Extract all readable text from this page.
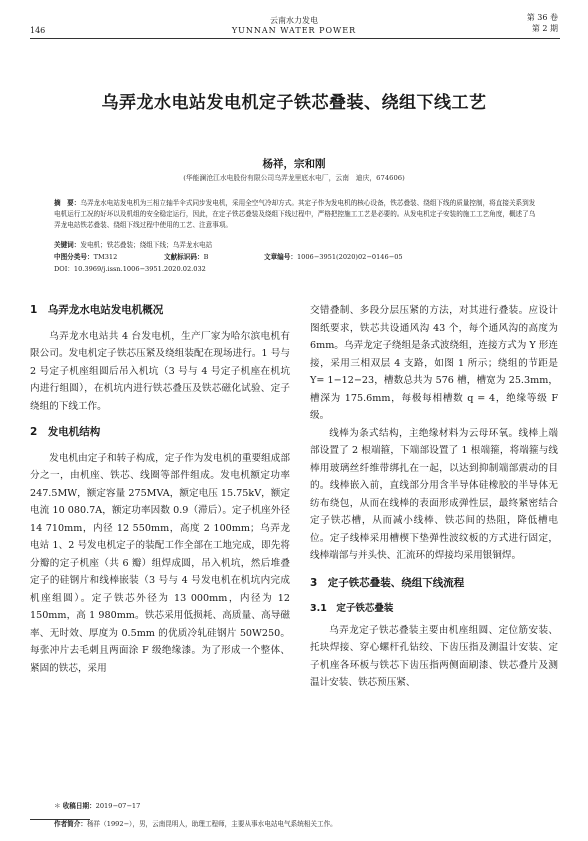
146
云南水力发电
YUNNAN WATER POWER
第 36 卷
第 2 期
乌弄龙水电站发电机定子铁芯叠装、绕组下线工艺
杨祥，宗和刚
(华能澜沧江水电股份有限公司乌弄龙里底水电厂，云南　迪庆，674606)
摘　要：乌弄龙水电站发电机为三相立轴半伞式同步发电机，采用全空气冷却方式。其定子作为发电机的核心设备，铁芯叠装、绕组下线的质量控制，将直接关系到发电机运行工况的好坏以及机组的安全稳定运行，因此，在定子铁芯叠装及绕组下线过程中，严格把控施工工艺是必要的。从发电机定子安装的施工工艺角度，概述了乌弄龙电站铁芯叠装、绕组下线过程中使用的工艺、注意事项。
关键词：发电机；铁芯叠装；绕组下线；乌弄龙水电站
中图分类号：TM312	文献标识码：B	文章编号：1006−3951(2020)02−0146−05
DOI：10.3969/j.issn.1006−3951.2020.02.032
1　乌弄龙水电站发电机概况

乌弄龙水电站共 4 台发电机，生产厂家为哈尔滨电机有限公司。发电机定子铁芯压紧及绕组装配在现场进行。1 号与 2 号定子机座组圆后吊入机坑（3 号与 4 号定子机座在机坑内进行组圆），在机坑内进行铁芯叠压及铁芯磁化试验、定子绕组的下线工作。

2　发电机结构

发电机由定子和转子构成，定子作为发电机的重要组成部分之一，由机座、铁芯、线圈等部件组成。发电机额定功率 247.5MW，额定容量 275MVA，额定电压 15.75kV，额定电流 10 080.7A，额定功率因数 0.9（滞后）。定子机座外径 14 710mm，内径 12 550mm，高度 2 100mm；乌弄龙电站 1、2 号发电机定子的装配工作全部在工地完成，即先将分瓣的定子机座（共 6 瓣）组焊成圆，吊入机坑，然后堆叠定子的硅钢片和线棒嵌装（3 号与 4 号发电机在机坑内完成机座组圆）。定子铁芯外径为 13 000mm，内径为 12 150mm，高 1 980mm。铁芯采用低损耗、高质量、高导磁率、无时效、厚度为 0.5mm 的优质冷轧硅钢片 50W250。每张冲片去毛刺且两面涂 F 级绝缘漆。为了形成一个整体、紧固的铁芯，采用

交错叠制、多段分层压紧的方法，对其进行叠装。应设计图纸要求，铁芯共设通风沟 43 个，每个通风沟的高度为 6mm。乌弄龙定子绕组是条式波绕组，连接方式为 Y 形连接，采用三相双层 4 支路，如图 1 所示；绕组的节距是 Y= 1−12−23，槽数总共为 576 槽，槽宽为 25.3mm，槽深为 175.6mm，每极每相槽数 q = 4，绝缘等级 F 级。

线棒为条式结构，主绝缘材料为云母环氧。线棒上端部设置了 2 根端箍，下端部设置了 1 根端箍，将端箍与线棒用玻璃丝纤维带绑扎在一起，以达到抑制端部震动的目的。线棒嵌入前，直线部分用含半导体硅橡胶的半导体无纺布绕包，从而在线棒的表面形成弹性层，最终紧密结合定子铁芯槽，从而减小线棒、铁芯间的热阻，降低槽电位。定子线棒采用槽楔下垫弹性波纹板的方式进行固定，线棒端部与并头快、汇流环的焊接均采用银铜焊。

3　定子铁芯叠装、绕组下线流程
3.1　定子铁芯叠装

乌弄龙定子铁芯叠装主要由机座组圆、定位筋安装、托块焊接、穿心螺杆孔钻绞、下齿压指及测温计安装、定子机座各环板与铁芯下齿压指两侧面刷漆、铁芯叠片及测温计安装、铁芯预压紧、

＊ 收稿日期：2019−07−17
作者简介：杨祥（1992−），男，云南昆明人，助理工程师，主要从事水电站电气系统相关工作。
